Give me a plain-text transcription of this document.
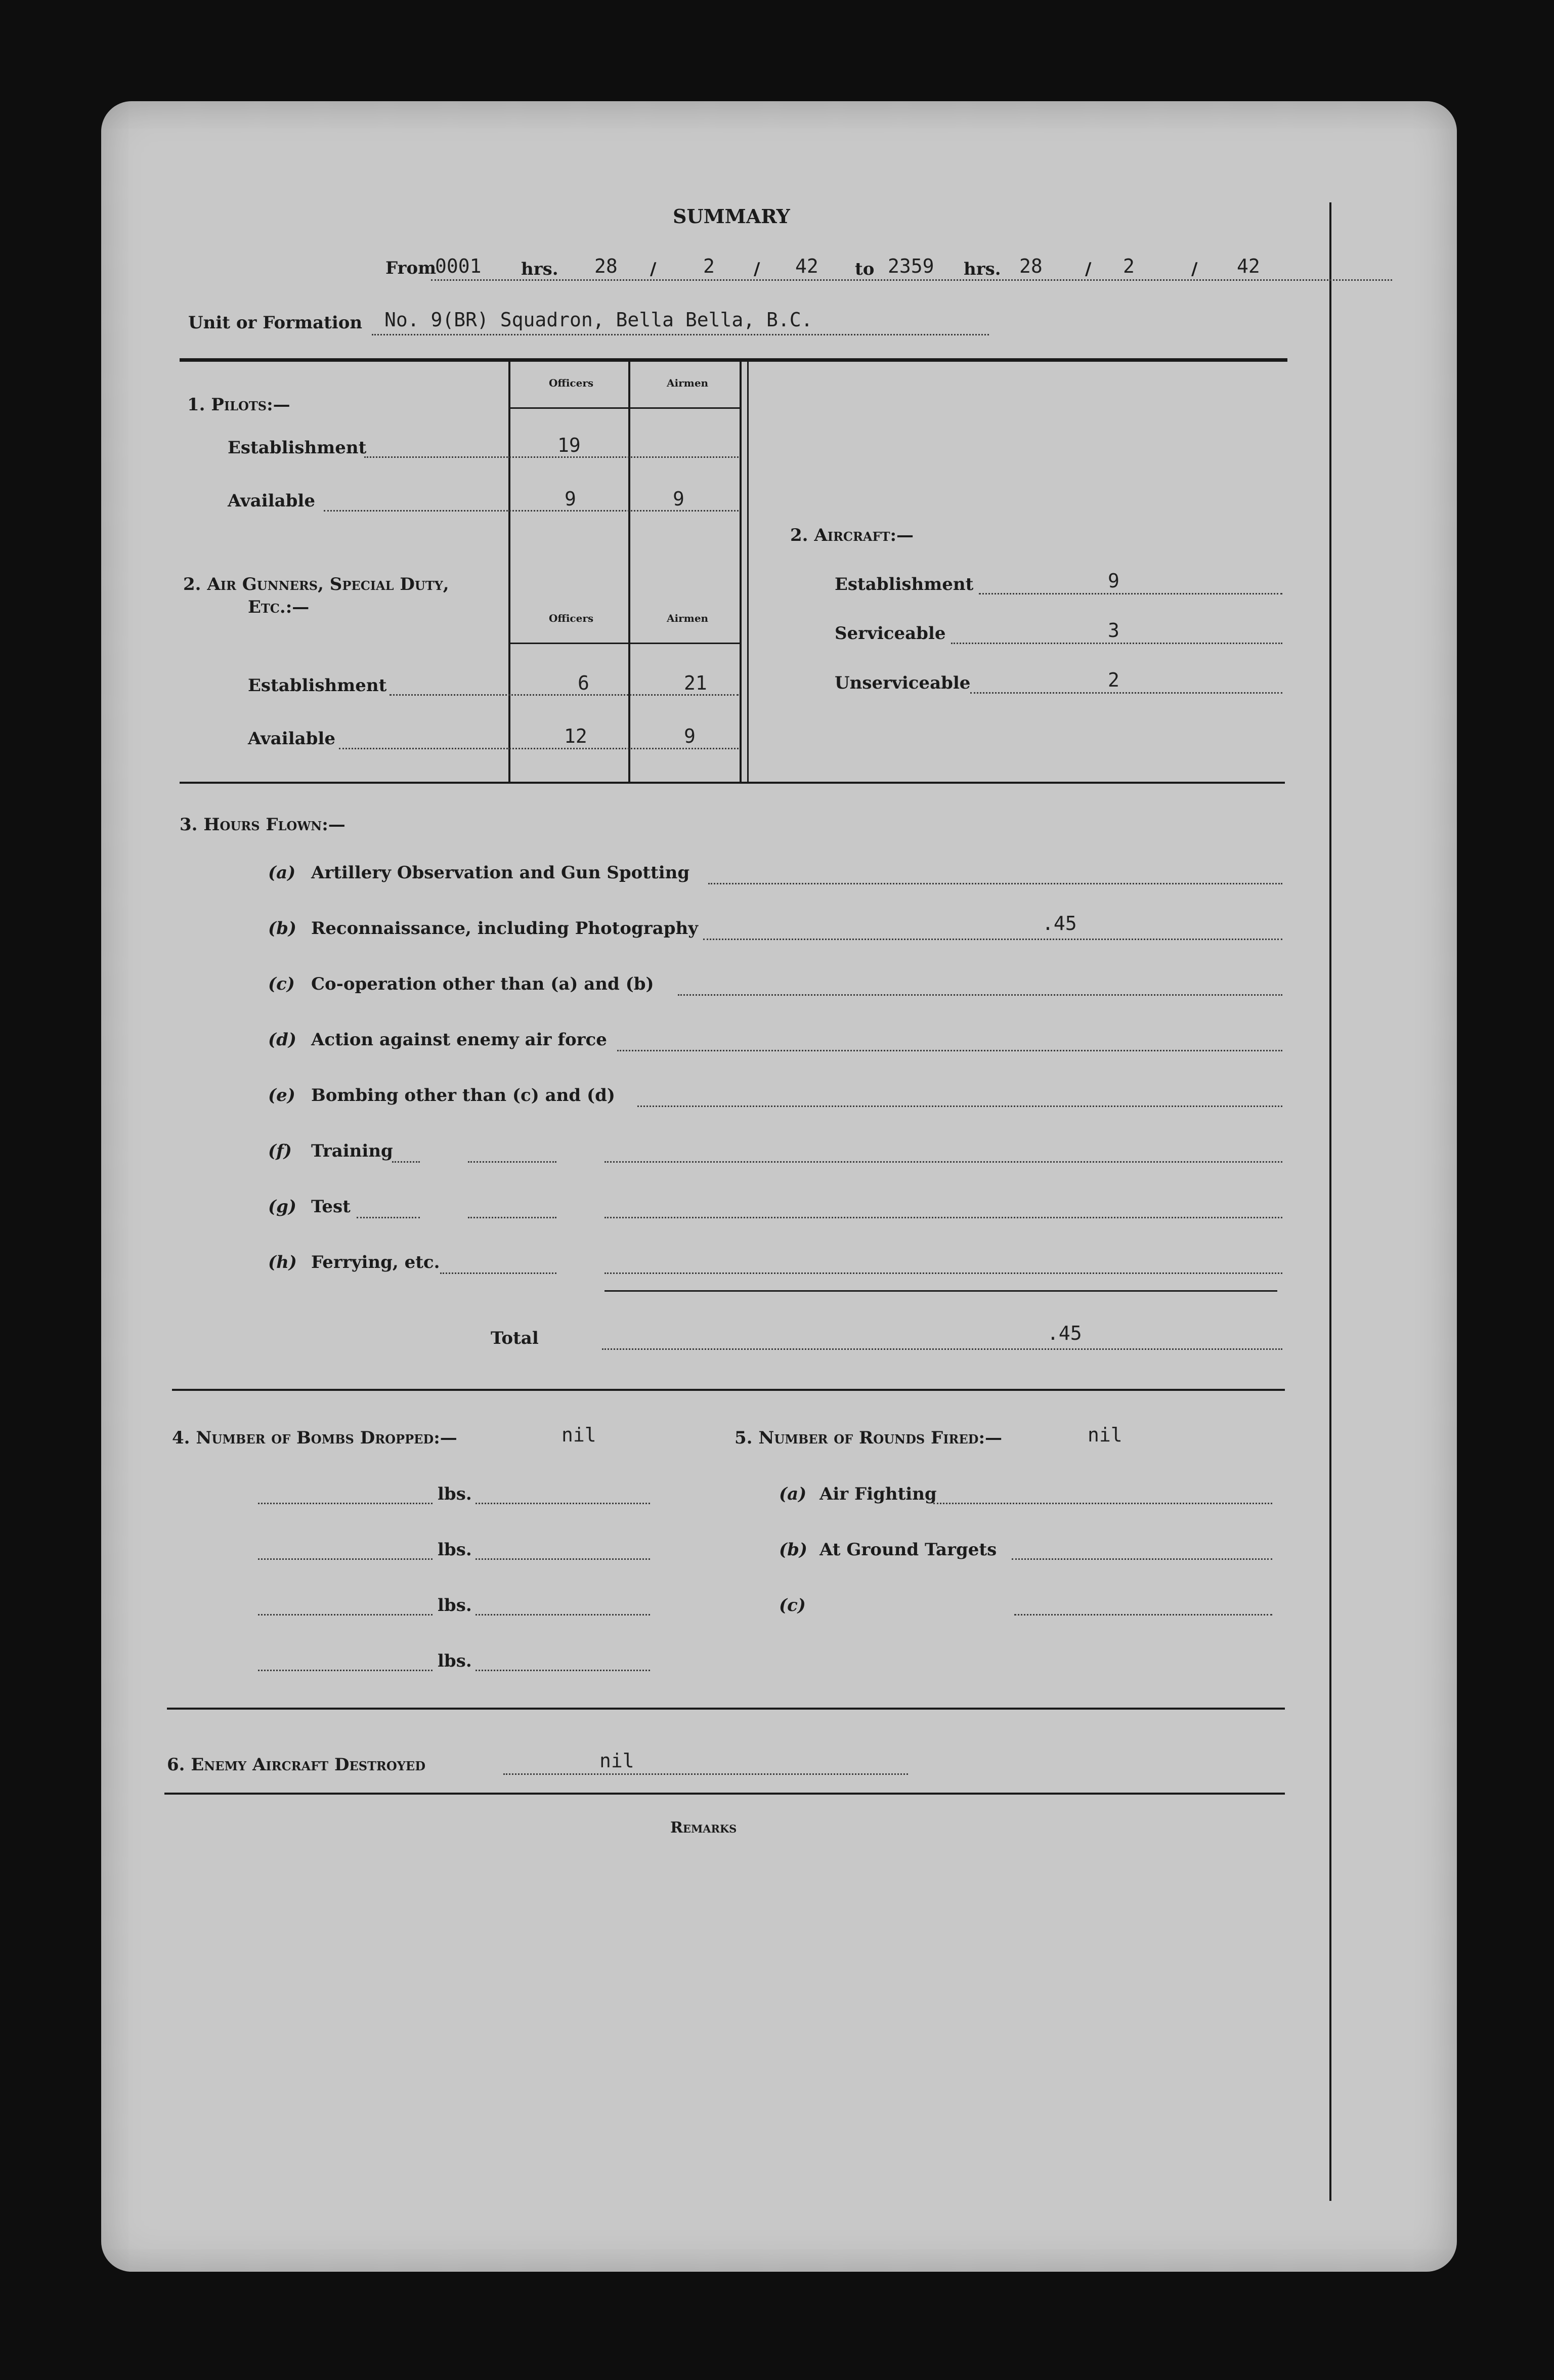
SUMMARY
From
0001 hrs. 28 / 2 / 42 to 2359 hrs. 28 / 2	/ 42
Unit or Formation No. 9(BR) Squadron, Bella Bella, B.C.
Officers	Airmen
Officers	Airmen
1. Pilots:—
Establishment	19
Available	9	9
2. Air Gunners, Special Duty,
Etc.:—
Establishment	6	21
Available	12	9
2. Aircraft:—
Establishment	9
Serviceable	3
Unserviceable	2
3. Hours Flown:—
(a) Artillery Observation and Gun Spotting
(b) Reconnaissance, including Photography	.45
(c) Co-operation other than (a) and (b)
(d) Action against enemy air force
(e) Bombing other than (c) and (d)
(f) Training
(g) Test
(h) Ferrying, etc.
Total	.45
4. Number of Bombs Dropped:—	nil
lbs.
lbs.
lbs.
lbs.
5. Number of Rounds Fired:—	nil
(a) Air Fighting
(b) At Ground Targets
(c)
6. Enemy Aircraft Destroyed	nil
Remarks
